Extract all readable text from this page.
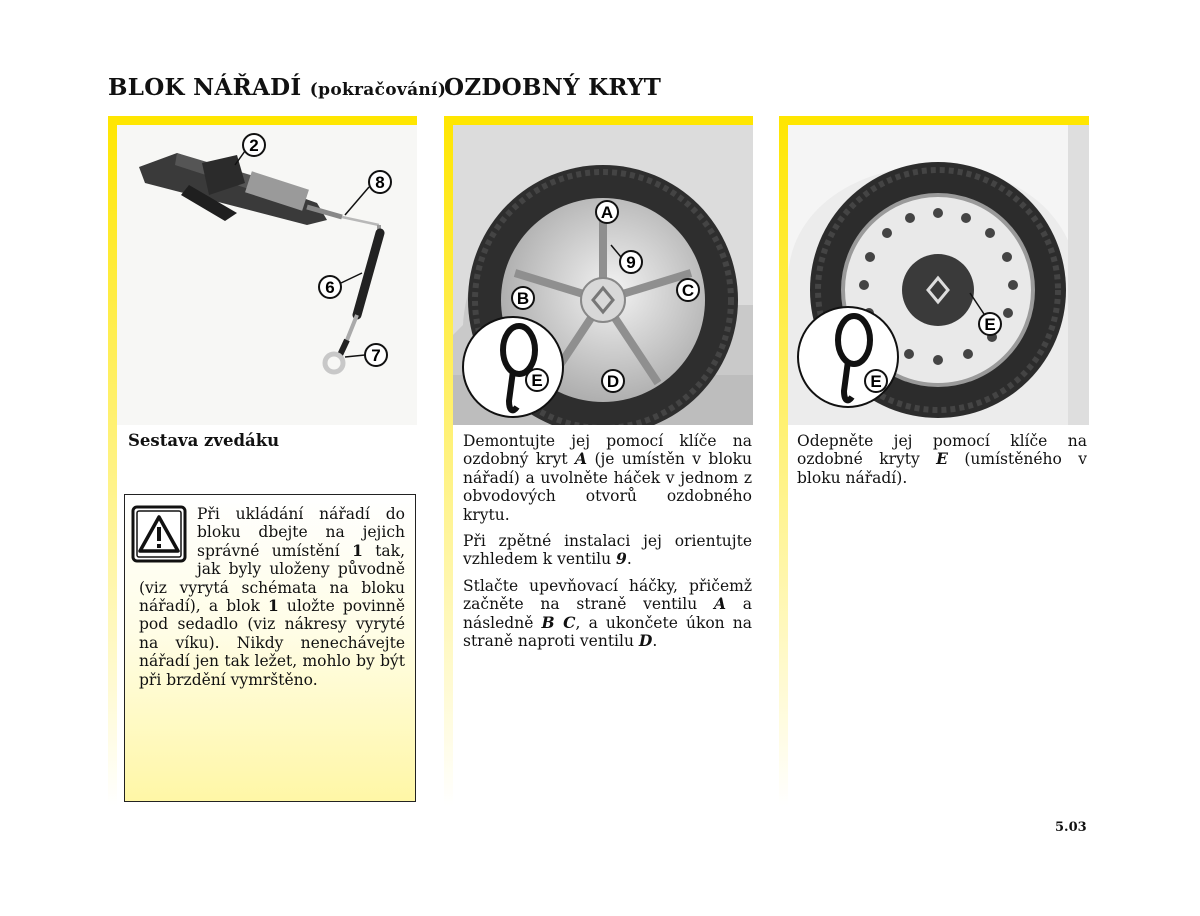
BLOK NÁŘADÍ (pokračování)
OZDOBNÝ KRYT
2
8
6
7
Sestava zvedáku
Při ukládání nářadí do bloku dbejte na jejich správné umístění 1 tak, jak byly uloženy původně (viz vyrytá schémata na bloku nářadí), a blok 1 uložte povinně pod sedadlo (viz nákresy vyryté na víku). Nikdy nenechávejte nářadí jen tak ležet, mohlo by být při brzdění vymrštěno.
E
A
9
B	C
D

Demontujte jej pomocí klíče na ozdobný kryt A (je umístěn v bloku nářadí) a uvolněte háček v jednom z obvodových otvorů ozdobného krytu.

Při zpětné instalaci jej orientujte vzhledem k ventilu 9.

Stlačte upevňovací háčky, přičemž začněte na straně ventilu A a následně B C, a ukončete úkon na straně naproti ventilu D.

E
E

Odepněte jej pomocí klíče na ozdobné kryty E (umístěného v bloku nářadí).

5.03
